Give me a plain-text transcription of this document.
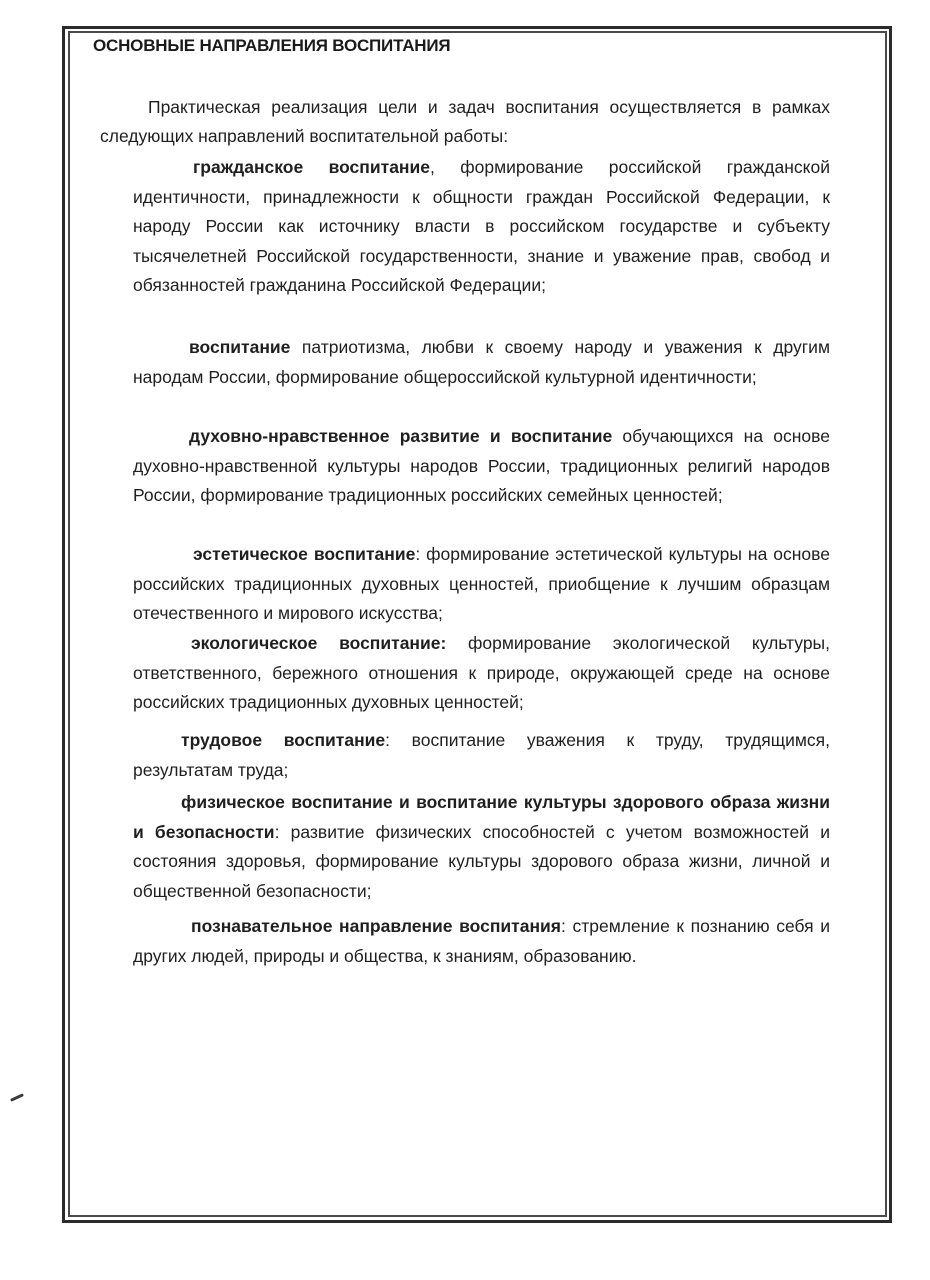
ОСНОВНЫЕ НАПРАВЛЕНИЯ ВОСПИТАНИЯ

Практическая реализация цели и задач воспитания осуществляется в рамках следующих направлений воспитательной работы:

гражданское воспитание, формирование российской гражданской идентичности, принадлежности к общности граждан Российской Федерации, к народу России как источнику власти в российском государстве и субъекту тысячелетней Российской государственности, знание и уважение прав, свобод и обязанностей гражданина Российской Федерации;

воспитание патриотизма, любви к своему народу и уважения к другим народам России, формирование общероссийской культурной идентичности;

духовно-нравственное развитие и воспитание обучающихся на основе духовно-нравственной культуры народов России, традиционных религий народов России, формирование традиционных российских семейных ценностей;

эстетическое воспитание: формирование эстетической культуры на основе российских традиционных духовных ценностей, приобщение к лучшим образцам отечественного и мирового искусства;

экологическое воспитание: формирование экологической культуры, ответственного, бережного отношения к природе, окружающей среде на основе российских традиционных духовных ценностей;

трудовое воспитание: воспитание уважения к труду, трудящимся, результатам труда;

физическое воспитание и воспитание культуры здорового образа жизни и безопасности: развитие физических способностей с учетом возможностей и состояния здоровья, формирование культуры здорового образа жизни, личной и общественной безопасности;

познавательное направление воспитания: стремление к познанию себя и других людей, природы и общества, к знаниям, образованию.
